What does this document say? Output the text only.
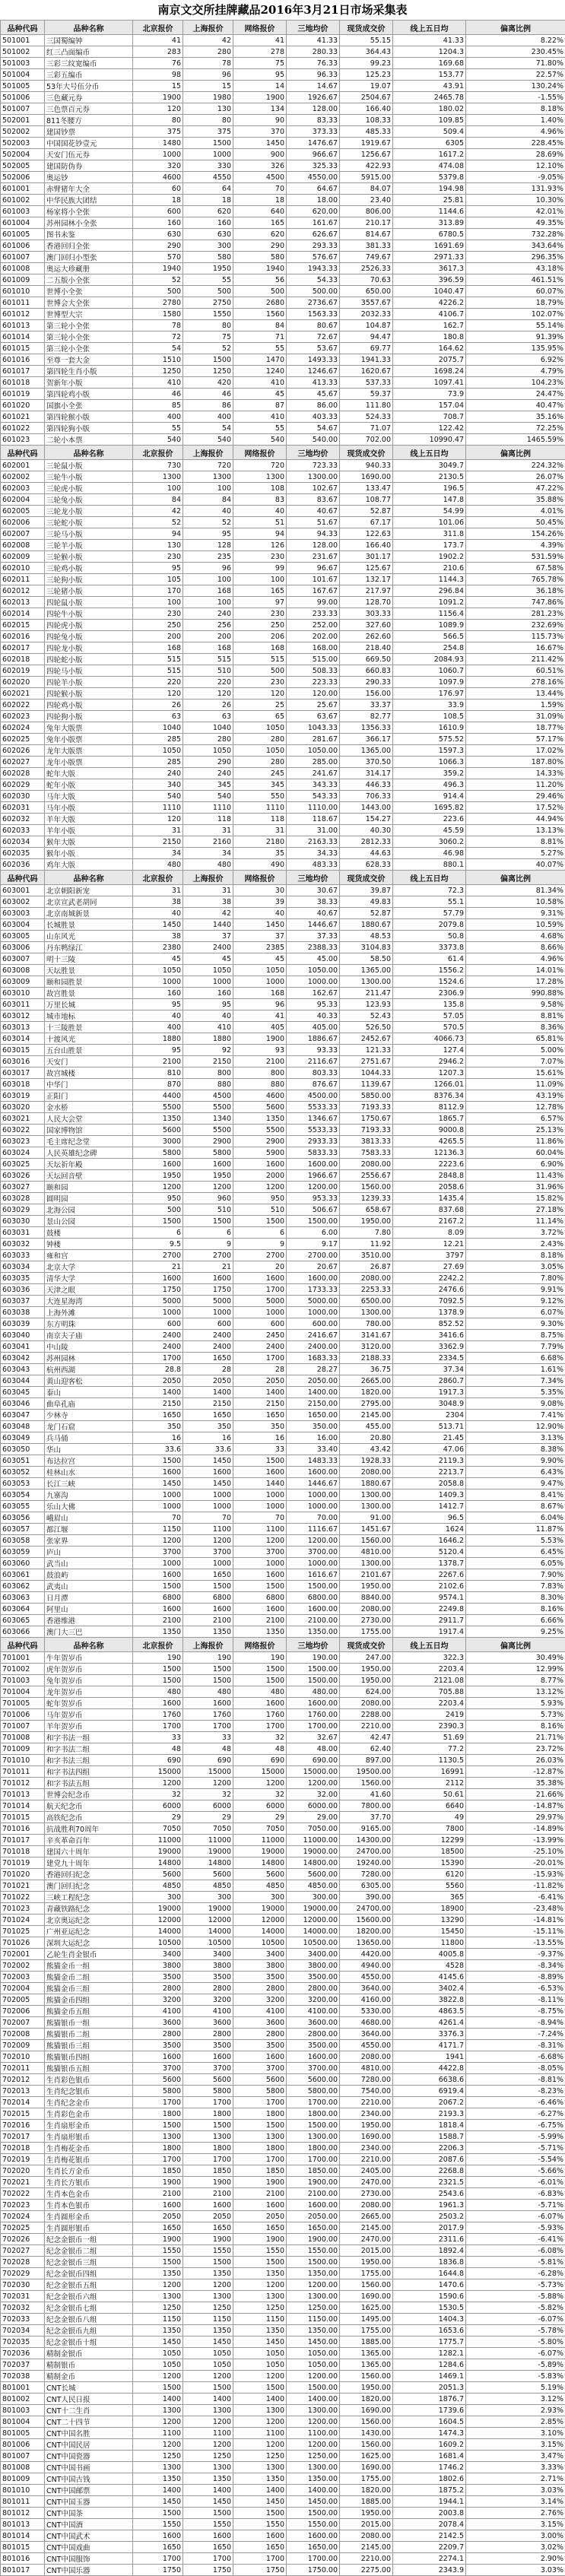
南京文交所挂牌藏品2016年3月21日市场采集表
品种代码	品种名称	北京报价	上海报价	网络报价	三地均价	现货成交价	线上五日均	偏离比例
501001	三国蜀编钟	41	42	41	41.33	55.15	41.33	8.22%
501002	红三凸面编币	283	280	278	280.33	364.43	1204.3	230.45%
501003	三彩三纹宽编币	76	78	75	76.33	99.23	169.68	71.80%
501004	三彩五编币	98	96	95	96.33	125.23	153.77	22.57%
501005	53年大号伍分币	15	15	14	14.67	19.07	43.91	130.24%
501006	三色藏元券	1900	1980	1900	1926.67	2504.67	2465.78	-1.55%
501007	三色票百元券	120	130	134	128.00	166.40	180.02	8.18%
502001	811冬腰方	80	80	90	83.33	108.33	109.85	1.40%
502002	建国钞票	375	375	370	373.33	485.33	509.4	4.96%
502003	中国国花钞壹元	1480	1500	1450	1476.67	1919.67	6305	228.45%
502004	天安门伍元券	1000	1000	900	966.67	1256.67	1617.2	28.69%
502005	建国防伪券	320	330	326	325.33	422.93	474.08	12.10%
502006	奥运钞	4600	4550	4500	4550.00	5915.00	5379.8	-9.05%
601001	赤臂猪年大全	60	64	70	64.67	84.07	194.98	131.93%
601002	中华民族大团结	18	18	18	18.00	23.40	25.81	10.30%
601003	杨家将小全张	600	620	640	620.00	806.00	1144.6	42.01%
601004	苏州园林小全张	160	160	165	161.67	210.17	313.89	49.35%
601005	图书未鉴	630	630	620	626.67	814.67	6780.5	732.28%
601006	香港回归全张	290	300	290	293.33	381.33	1691.69	343.64%
601007	澳门回归小型张	570	580	580	576.67	749.67	2971.33	296.35%
601008	奥运大珍藏册	1940	1950	1940	1943.33	2526.33	3617.3	43.18%
601009	二五版小全张	52	55	56	54.33	70.63	396.59	461.51%
601010	世博小全张	500	500	500	500.00	650.00	1040.47	60.07%
601011	世博会大全张	2780	2750	2680	2736.67	3557.67	4226.2	18.79%
601012	世博型大宗	1580	1550	1560	1563.33	2032.33	4106.7	102.07%
601013	第三轮小全张	78	80	84	80.67	104.87	162.7	55.14%
601014	第三轮小全张	72	75	71	72.67	94.47	180.8	91.39%
601015	第三轮小全张	54	52	55	53.67	69.77	164.62	135.95%
601016	至尊一套大金	1510	1500	1470	1493.33	1941.33	2075.7	6.92%
601017	第四轮生肖小版	1250	1250	1240	1246.67	1620.67	1698.24	4.79%
601018	贺新年小版	410	420	410	413.33	537.33	1097.41	104.23%
601019	第四轮鸡小版	46	46	45	45.67	59.37	73.9	24.47%
601020	国旗小全张	85	86	87	86.00	111.80	157.04	40.47%
601021	第四轮猴小版	400	400	410	403.33	524.33	708.7	35.16%
601022	第四轮狗小版	55	54	55	54.67	71.07	122.42	72.25%
601023	二轮小本票	540	540	540	540.00	702.00	10990.47	1465.59%
品种代码	品种名称	北京报价	上海报价	网络报价	三地均价	现货成交价	线上五日均	偏离比例
602001	三轮鼠小版	730	720	720	723.33	940.33	3049.7	224.32%
602002	三轮牛小版	1300	1300	1300	1300.00	1690.00	2130.5	26.07%
602003	三轮虎小版	100	100	108	102.67	133.47	196.5	47.22%
602004	三轮兔小版	84	84	83	83.67	108.77	147.8	35.88%
602005	三轮龙小版	42	40	40	40.67	52.87	54.99	4.01%
602006	三轮蛇小版	52	52	51	51.67	67.17	101.06	50.45%
602007	三轮马小版	94	95	94	94.33	122.63	311.8	154.26%
602008	三轮羊小版	130	128	126	128.00	166.40	173.7	4.39%
602009	三轮猴小版	230	235	230	231.67	301.17	1902.2	531.59%
602010	三轮鸡小版	95	96	99	96.67	125.67	210.6	67.58%
602011	三轮狗小版	105	100	100	101.67	132.17	1144.3	765.78%
602012	三轮猪小版	170	168	165	167.67	217.97	296.84	36.18%
602013	四轮鼠小版	100	100	97	99.00	128.70	1091.2	747.86%
602014	四轮牛小版	230	240	230	233.33	303.33	1156.4	281.23%
602015	四轮虎小版	250	256	250	252.00	327.60	1089.9	232.69%
602016	四轮兔小版	200	200	206	202.00	262.60	566.5	115.73%
602017	四轮龙小版	168	168	168	168.00	218.40	254.8	16.67%
602018	四轮蛇小版	515	515	515	515.00	669.50	2084.93	211.42%
602019	四轮马小版	515	510	500	508.33	660.83	1060.7	60.51%
602020	四轮羊小版	220	220	230	223.33	290.33	1097.9	278.16%
602021	四轮猴小版	120	120	120	120.00	156.00	176.97	13.44%
602022	四轮鸡小版	26	26	25	25.67	33.37	33.9	1.59%
602023	四轮狗小版	63	63	65	63.67	82.77	108.5	31.09%
602024	兔年大版票	1040	1040	1050	1043.33	1356.33	1610.9	18.77%
602025	兔年小版票	285	280	280	281.67	366.17	575.52	57.17%
602026	龙年大版票	1050	1050	1050	1050.00	1365.00	1597.3	17.02%
602027	龙年小版票	285	290	280	285.00	370.50	1066.3	187.80%
602028	蛇年大版	240	240	245	241.67	314.17	359.2	14.33%
602029	蛇年小版	340	345	345	343.33	446.33	496.3	11.20%
602030	马年大版	540	540	550	543.33	706.33	914.4	29.46%
602031	马年小版	1110	1110	1110	1110.00	1443.00	1695.82	17.52%
602032	羊年大版	120	118	118	118.67	154.27	223.6	44.94%
602033	羊年小版	31	31	31	31.00	40.30	45.59	13.13%
602034	猴年大版	2150	2160	2180	2163.33	2812.33	3060.2	8.81%
602035	猴年小版	34	34	35	34.33	44.63	46.98	5.27%
602036	鸡年大版	480	480	490	483.33	628.33	880.1	40.07%
品种代码	品种名称	北京报价	上海报价	网络报价	三地均价	现货成交价	线上五日均	偏离比例
603001	北京朝阳新宠	31	31	30	30.67	39.87	72.3	81.34%
603002	北京宣武老胡同	38	38	39	38.33	49.83	55.1	10.58%
603003	北京南城新景	40	42	40	40.67	52.87	57.79	9.31%
603004	长城胜景	1450	1440	1450	1446.67	1880.67	2079.8	10.59%
603005	山东风光	38	37	37	37.33	48.53	50.8	4.68%
603006	丹东鸭绿江	2380	2400	2385	2388.33	3104.83	3373.8	8.66%
603007	明十三陵	45	45	45	45.00	58.50	61.4	4.96%
603008	天坛胜景	1050	1050	1050	1050.00	1365.00	1556.2	14.01%
603009	颐和园胜景	1000	1000	1000	1000.00	1300.00	1524.6	17.28%
603010	故宫胜景	160	160	168	162.67	211.47	2306.9	990.88%
603011	万里长城	95	95	96	95.33	123.93	135.8	9.58%
603012	城市地标	40	40	41	40.33	52.43	57.05	8.81%
603013	十三陵胜景	400	410	405	405.00	526.50	570.5	8.36%
603014	十渡风光	1880	1880	1900	1886.67	2452.67	4066.73	65.81%
603015	五台山胜景	95	92	93	93.33	121.33	127.4	5.00%
603016	天安门	2100	2150	2100	2116.67	2751.67	2946.2	7.07%
603017	故宫城楼	810	800	800	803.33	1044.33	1207.3	15.61%
603018	中华门	870	880	880	876.67	1139.67	1266.01	11.09%
603019	正阳门	4400	4500	4600	4500.00	5850.00	8376.34	43.19%
603020	金水桥	5500	5500	5600	5533.33	7193.33	8112.9	12.78%
603021	人民大会堂	1350	1340	1350	1346.67	1750.67	1865.7	6.57%
603022	国家博物馆	5600	5500	5500	5533.33	7193.33	9000.8	25.13%
603023	毛主席纪念堂	3000	2900	2900	2933.33	3813.33	4265.5	11.86%
603024	人民英雄纪念碑	5800	5800	5900	5833.33	7583.33	12136.3	60.04%
603025	天坛祈年殿	1600	1600	1600	1600.00	2080.00	2223.6	6.90%
603026	天坛回音壁	1950	1950	2000	1966.67	2556.67	2848.8	11.43%
603027	颐和园	1200	1200	1200	1200.00	1560.00	2058.6	31.96%
603028	圆明园	950	960	950	953.33	1239.33	1435.4	15.82%
603029	北海公园	500	510	510	506.67	658.67	837.68	27.18%
603030	景山公园	1500	1500	1500	1500.00	1950.00	2167.2	11.14%
603031	鼓楼	6	6	6	6.00	7.80	8.09	3.72%
603032	钟楼	9.5	9	9	9.17	11.92	12.21	2.43%
603033	雍和宫	2700	2700	2700	2700.00	3510.00	3797	8.18%
603034	北京大学	21	21	20	20.67	26.87	27.69	3.05%
603035	清华大学	1600	1600	1600	1600.00	2080.00	2242.2	7.80%
603036	天津之眼	1750	1750	1700	1733.33	2253.33	2476.6	9.91%
603037	大连星海湾	5000	5000	5000	5000.00	6500.00	7092.5	9.12%
603038	上海外滩	1000	1000	1000	1000.00	1300.00	1378.9	6.07%
603039	东方明珠	600	600	600	600.00	780.00	852.52	9.30%
603040	南京夫子庙	2400	2400	2450	2416.67	3141.67	3416.6	8.75%
603041	中山陵	2400	2400	2400	2400.00	3120.00	3362.9	7.79%
603042	苏州园林	1700	1650	1700	1683.33	2188.33	2334.5	6.68%
603043	杭州西湖	28.8	28	28	28.27	36.75	37.34	1.61%
603044	黄山迎客松	2050	2050	2050	2050.00	2665.00	2860.7	7.34%
603045	泰山	1400	1400	1400	1400.00	1820.00	1917.3	5.35%
603046	曲阜孔庙	2150	2150	2150	2150.00	2795.00	3048.9	9.08%
603047	少林寺	1650	1650	1650	1650.00	2145.00	2304	7.41%
603048	龙门石窟	350	350	350	350.00	455.00	513.71	12.90%
603049	兵马俑	16	16	16	16.00	20.80	21.45	3.13%
603050	华山	33.6	33.6	33	33.40	43.42	47.06	8.38%
603051	布达拉宫	1500	1450	1500	1483.33	1928.33	2119.3	9.90%
603052	桂林山水	1600	1600	1600	1600.00	2080.00	2213.7	6.43%
603053	长江三峡	1450	1450	1440	1446.67	1880.67	2058.8	9.47%
603054	九寨沟	1000	1000	1000	1000.00	1300.00	1409.3	8.41%
603055	乐山大佛	1000	1000	1000	1000.00	1300.00	1412.7	8.67%
603056	峨眉山	70	70	70	70.00	91.00	96.5	6.04%
603057	都江堰	1150	1100	1100	1116.67	1451.67	1624	11.87%
603058	张家界	1200	1200	1200	1200.00	1560.00	1646.2	5.53%
603059	庐山	3700	3700	3700	3700.00	4810.00	5120.4	6.45%
603060	武当山	1000	1000	1000	1000.00	1300.00	1378.7	6.05%
603061	鼓浪屿	1600	1650	1600	1616.67	2101.67	2267.6	7.90%
603062	武夷山	1500	1500	1500	1500.00	1950.00	2102.6	7.83%
603063	日月潭	6800	6800	6800	6800.00	8840.00	9574.1	8.30%
603064	阿里山	1600	1600	1600	1600.00	2080.00	2249.8	8.16%
603065	香港维港	2100	2100	2100	2100.00	2730.00	2911.7	6.66%
603066	澳门大三巴	1350	1350	1350	1350.00	1755.00	1917.4	9.25%
品种代码	品种名称	北京报价	上海报价	网络报价	三地均价	现货成交价	线上五日均	偏离比例
701001	牛年贺岁币	190	190	190	190.00	247.00	322.3	30.49%
701002	虎年贺岁币	1500	1500	1500	1500.00	1950.00	2203.4	12.99%
701003	兔年贺岁币	1500	1500	1500	1500.00	1950.00	2121.08	8.77%
701004	龙年贺岁币	480	480	480	480.00	624.00	705.88	13.12%
701005	蛇年贺岁币	1600	1600	1600	1600.00	2080.00	2203.4	5.93%
701006	马年贺岁币	1760	1760	1760	1760.00	2288.00	2419	5.73%
701007	羊年贺岁币	1700	1700	1700	1700.00	2210.00	2390.3	8.16%
701008	和字书法一组	33	33	32	32.67	42.47	51.69	21.71%
701009	和字书法二组	48	48	48	48.00	62.40	77.2	23.72%
701010	和字书法三组	690	690	690	690.00	897.00	1130.5	26.03%
701011	和字书法四组	15000	15000	15000	15000.00	19500.00	16991	-12.87%
701012	和字书法五组	1200	1200	1200	1200.00	1560.00	2112	35.38%
701013	世博会纪念币	32	32	32	32.00	41.60	50.61	21.66%
701014	航天纪念币	6000	6000	6000	6000.00	7800.00	6640	-14.87%
701015	高铁纪念币	29	29	29	29.00	37.70	49	29.97%
701016	抗战胜利70周年	7050	7050	7050	7050.00	9165.00	7800	-14.89%
701017	辛亥革命百年	11000	11000	11000	11000.00	14300.00	12299	-13.99%
701018	建国六十周年	19000	19000	19000	19000.00	24700.00	18500	-25.10%
701019	建党九十周年	14800	14800	14800	14800.00	19240.00	15390	-20.01%
701020	香港回归纪念	5600	5600	5600	5600.00	7280.00	6120	-15.93%
701021	澳门回归纪念	4850	4850	4850	4850.00	6305.00	5560	-11.82%
701022	三峡工程纪念	300	300	300	300.00	390.00	365	-6.41%
701023	青藏铁路纪念	19000	19000	19000	19000.00	24700.00	18900	-23.48%
701024	北京奥运纪念	12000	12000	12000	12000.00	15600.00	13290	-14.81%
701025	广州亚运纪念	14000	14000	14000	14000.00	18200.00	15450	-15.11%
701026	深圳大运纪念	10500	10500	10500	10500.00	13650.00	11800	-13.55%
702001	乙轮生肖金银币	3400	3400	3400	3400.00	4420.00	4005.8	-9.37%
702002	熊猫金币一组	3800	3800	3800	3800.00	4940.00	4528	-8.34%
702003	熊猫金币二组	3500	3500	3500	3500.00	4550.00	4145.6	-8.89%
702004	熊猫金币三组	2800	2800	2800	2800.00	3640.00	3402.4	-6.53%
702005	熊猫金币四组	3200	3200	3200	3200.00	4160.00	3822.8	-8.11%
702006	熊猫金币五组	4100	4100	4100	4100.00	5330.00	4863.5	-8.75%
702007	熊猫银币一组	3600	3600	3600	3600.00	4680.00	4261.4	-8.94%
702008	熊猫银币二组	2800	2800	2800	2800.00	3640.00	3376.3	-7.24%
702009	熊猫银币三组	3500	3500	3500	3500.00	4550.00	4171.7	-8.31%
702010	熊猫银币四组	1600	1600	1600	1600.00	2080.00	1941	-6.68%
702011	熊猫银币五组	3700	3700	3700	3700.00	4810.00	4422.8	-8.05%
702012	生肖彩色银币	5600	5600	5600	5600.00	7280.00	6638.6	-8.81%
702013	生肖纪念银币	5800	5800	5800	5800.00	7540.00	6919.4	-8.23%
702014	生肖纪念金币	1700	1700	1700	1700.00	2210.00	2067.2	-6.46%
702015	生肖彩色金币	1800	1800	1800	1800.00	2340.00	2193.3	-6.27%
702016	生肖扇形金币	1500	1500	1500	1500.00	1950.00	1818.4	-6.75%
702017	生肖扇形银币	1300	1300	1300	1300.00	1690.00	1588.7	-5.99%
702018	生肖梅花金币	1800	1800	1800	1800.00	2340.00	2206.3	-5.71%
702019	生肖梅花银币	1700	1700	1700	1700.00	2210.00	2087.6	-5.54%
702020	生肖长方金币	1850	1850	1850	1850.00	2405.00	2268.8	-5.66%
702021	生肖长方银币	1900	1900	1900	1900.00	2470.00	2321.5	-6.01%
702022	生肖本色金币	2100	2100	2100	2100.00	2730.00	2543.6	-6.83%
702023	生肖本色银币	1600	1600	1600	1600.00	2080.00	1961.3	-5.71%
702024	生肖圆形金币	2050	2050	2050	2050.00	2665.00	2503.2	-6.07%
702025	生肖圆形银币	1650	1650	1650	1650.00	2145.00	2017.9	-5.93%
702026	纪念金银币一组	1900	1900	1900	1900.00	2470.00	2311.6	-6.41%
702027	纪念金银币二组	1550	1550	1550	1550.00	2015.00	1892.4	-6.08%
702028	纪念金银币三组	1500	1500	1500	1500.00	1950.00	1836.8	-5.81%
702029	纪念金银币四组	1350	1350	1350	1350.00	1755.00	1644.8	-6.28%
702030	纪念金银币五组	1200	1200	1200	1200.00	1560.00	1470.6	-5.73%
702031	纪念金银币六组	1300	1300	1300	1300.00	1690.00	1590.6	-5.88%
702032	纪念金银币七组	1250	1250	1250	1250.00	1625.00	1530.5	-5.82%
702033	纪念金银币八组	1150	1150	1150	1150.00	1495.00	1404.3	-6.07%
702034	纪念金银币九组	1350	1350	1350	1350.00	1755.00	1653.6	-5.78%
702035	纪念金银币十组	1450	1450	1450	1450.00	1885.00	1775.7	-5.80%
702036	精制金银币	1050	1050	1050	1050.00	1365.00	1282.1	-6.07%
702037	精制银币	1050	1050	1050	1050.00	1365.00	1284.6	-5.89%
702038	精制金币	1200	1200	1200	1200.00	1560.00	1469.1	-5.83%
801001	CNT长城	1500	1500	1500	1500.00	1950.00	2051.3	5.19%
801002	CNT人民日报	1400	1400	1400	1400.00	1820.00	1876.7	3.12%
801003	CNT十二生肖	1300	1300	1300	1300.00	1690.00	1739.6	2.93%
801004	CNT二十四节	1200	1200	1200	1200.00	1560.00	1604.5	2.85%
801005	CNT中国名胜	1100	1100	1100	1100.00	1430.00	1474.3	3.10%
801006	CNT中国民居	1200	1200	1200	1200.00	1560.00	1609.2	3.15%
801007	CNT中国瓷器	1250	1250	1250	1250.00	1625.00	1681.4	3.47%
801008	CNT中国书画	1300	1300	1300	1300.00	1690.00	1746.2	3.33%
801009	CNT中国古钱	1350	1350	1350	1350.00	1755.00	1802.6	2.71%
801010	CNT中国邮票	1400	1400	1400	1400.00	1820.00	1875.2	3.03%
801011	CNT中国玉器	1450	1450	1450	1450.00	1885.00	1944.1	3.14%
801012	CNT中国茶	1500	1500	1500	1500.00	1950.00	2003.8	2.76%
801013	CNT中国酒	1550	1550	1550	1550.00	2015.00	2078.4	3.15%
801014	CNT中国武术	1600	1600	1600	1600.00	2080.00	2142.5	3.00%
801015	CNT中国戏曲	1650	1650	1650	1650.00	2145.00	2209.7	3.02%
801016	CNT中国服饰	1700	1700	1700	1700.00	2210.00	2274.1	2.90%
801017	CNT中国乐器	1750	1750	1750	1750.00	2275.00	2343.9	3.03%
